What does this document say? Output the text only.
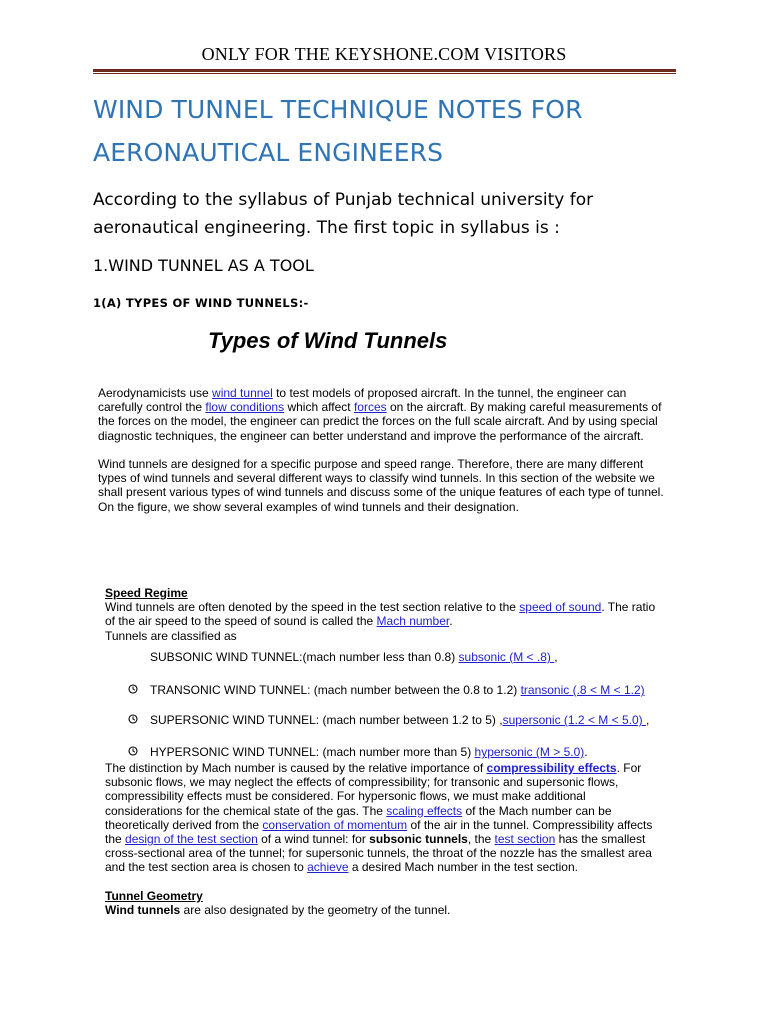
ONLY FOR THE KEYSHONE.COM VISITORS
WIND TUNNEL TECHNIQUE NOTES FOR
AERONAUTICAL ENGINEERS
According to the syllabus of Punjab technical university for
aeronautical engineering. The first topic in syllabus is :
1.WIND TUNNEL AS A TOOL
1(A) TYPES OF WIND TUNNELS:-
Types of Wind Tunnels
Aerodynamicists use wind tunnel to test models of proposed aircraft. In the tunnel, the engineer can carefully control the flow conditions which affect forces on the aircraft. By making careful measurements of the forces on the model, the engineer can predict the forces on the full scale aircraft. And by using special diagnostic techniques, the engineer can better understand and improve the performance of the aircraft.
Wind tunnels are designed for a specific purpose and speed range. Therefore, there are many different types of wind tunnels and several different ways to classify wind tunnels. In this section of the website we shall present various types of wind tunnels and discuss some of the unique features of each type of tunnel. On the figure, we show several examples of wind tunnels and their designation.
Speed Regime
Wind tunnels are often denoted by the speed in the test section relative to the speed of sound. The ratio of the air speed to the speed of sound is called the Mach number.
Tunnels are classified as
SUBSONIC WIND TUNNEL:(mach number less than 0.8) subsonic (M < .8) ,
TRANSONIC WIND TUNNEL: (mach number between the 0.8 to 1.2) transonic (.8 < M < 1.2)
SUPERSONIC WIND TUNNEL: (mach number between 1.2 to 5) ,supersonic (1.2 < M < 5.0) ,
HYPERSONIC WIND TUNNEL: (mach number more than 5) hypersonic (M > 5.0).
The distinction by Mach number is caused by the relative importance of compressibility effects. For subsonic flows, we may neglect the effects of compressibility; for transonic and supersonic flows, compressibility effects must be considered. For hypersonic flows, we must make additional considerations for the chemical state of the gas. The scaling effects of the Mach number can be theoretically derived from the conservation of momentum of the air in the tunnel. Compressibility affects the design of the test section of a wind tunnel: for subsonic tunnels, the test section has the smallest cross-sectional area of the tunnel; for supersonic tunnels, the throat of the nozzle has the smallest area and the test section area is chosen to achieve a desired Mach number in the test section.
Tunnel Geometry
Wind tunnels are also designated by the geometry of the tunnel.
